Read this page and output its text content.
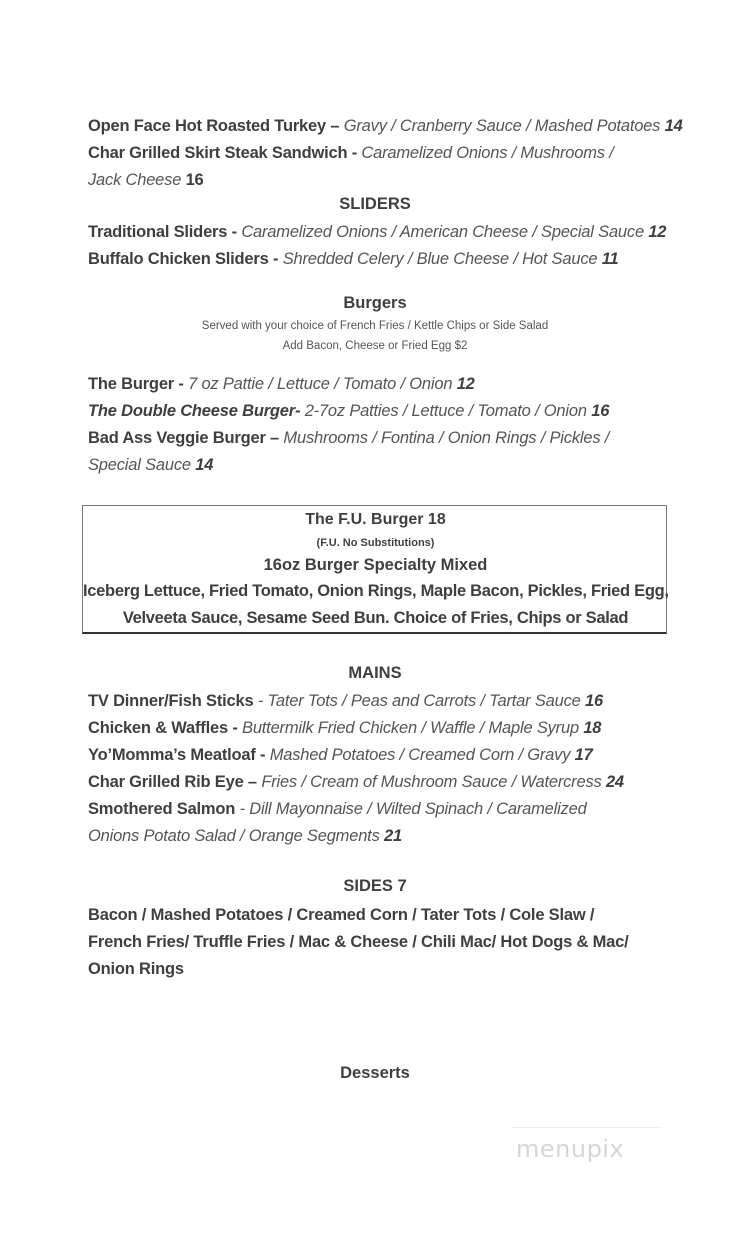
Open Face Hot Roasted Turkey – Gravy / Cranberry Sauce / Mashed Potatoes 14
Char Grilled Skirt Steak Sandwich - Caramelized Onions / Mushrooms / Jack Cheese 16
SLIDERS
Traditional Sliders - Caramelized Onions / American Cheese / Special Sauce 12
Buffalo Chicken Sliders - Shredded Celery / Blue Cheese / Hot Sauce 11
Burgers
Served with your choice of French Fries / Kettle Chips or Side Salad
Add Bacon, Cheese or Fried Egg $2
The Burger - 7 oz Pattie / Lettuce / Tomato / Onion 12
The Double Cheese Burger- 2-7oz Patties / Lettuce / Tomato / Onion 16
Bad Ass Veggie Burger – Mushrooms / Fontina / Onion Rings / Pickles / Special Sauce 14
The F.U. Burger 18
(F.U. No Substitutions)
16oz Burger Specialty Mixed
Iceberg Lettuce, Fried Tomato, Onion Rings, Maple Bacon, Pickles, Fried Egg,
Velveeta Sauce, Sesame Seed Bun. Choice of Fries, Chips or Salad
MAINS
TV Dinner/Fish Sticks - Tater Tots / Peas and Carrots / Tartar Sauce 16
Chicken & Waffles - Buttermilk Fried Chicken / Waffle / Maple Syrup 18
Yo’Momma’s Meatloaf - Mashed Potatoes / Creamed Corn / Gravy 17
Char Grilled Rib Eye – Fries / Cream of Mushroom Sauce / Watercress 24
Smothered Salmon - Dill Mayonnaise / Wilted Spinach / Caramelized Onions Potato Salad / Orange Segments 21
SIDES 7
Bacon / Mashed Potatoes / Creamed Corn / Tater Tots / Cole Slaw / French Fries/ Truffle Fries / Mac & Cheese / Chili Mac/ Hot Dogs & Mac/ Onion Rings
Desserts
menupix
